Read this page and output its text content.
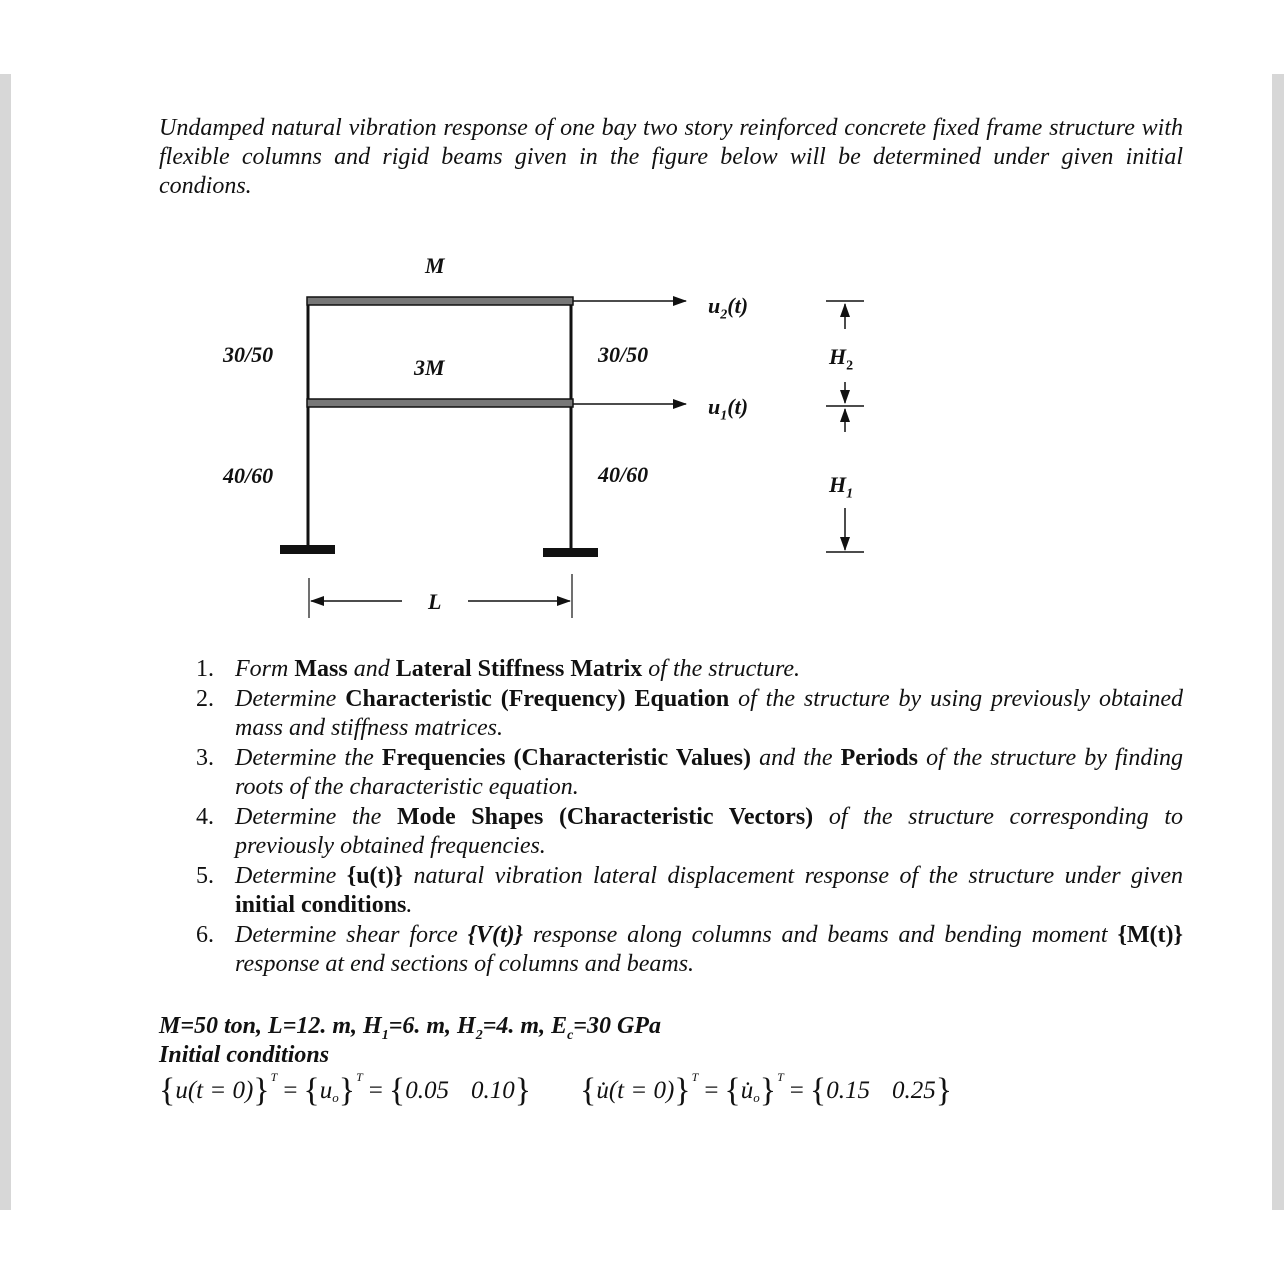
Undamped natural vibration response of one bay two story reinforced concrete fixed frame structure with flexible columns and rigid beams given in the figure below will be determined under given initial condions.

M
3M
30/50	30/50
40/60	40/60
$u_2(t)$
$u_1(t)$
$H_2$
$H_1$
L
1. Form Mass and Lateral Stiffness Matrix of the structure.
2. Determine Characteristic (Frequency) Equation of the structure by using previously obtained mass and stiffness matrices.
3. Determine the Frequencies (Characteristic Values) and the Periods of the structure by finding roots of the characteristic equation.
4. Determine the Mode Shapes (Characteristic Vectors) of the structure corresponding to previously obtained frequencies.
5. Determine {u(t)} natural vibration lateral displacement response of the structure under given initial conditions.
6. Determine shear force {V(t)} response along columns and beams and bending moment {M(t)} response at end sections of columns and beams.
M=50 ton, L=12. m, $H_1=6$. m, $H_2=4$. m, $E_c=30$ GPa
Initial conditions
{ u(t = 0) } T
= { u o } T
= { 0.05 0.10 } { u̇(t = 0) } T
= { u̇ o } T
= { 0.15 0.25 }
